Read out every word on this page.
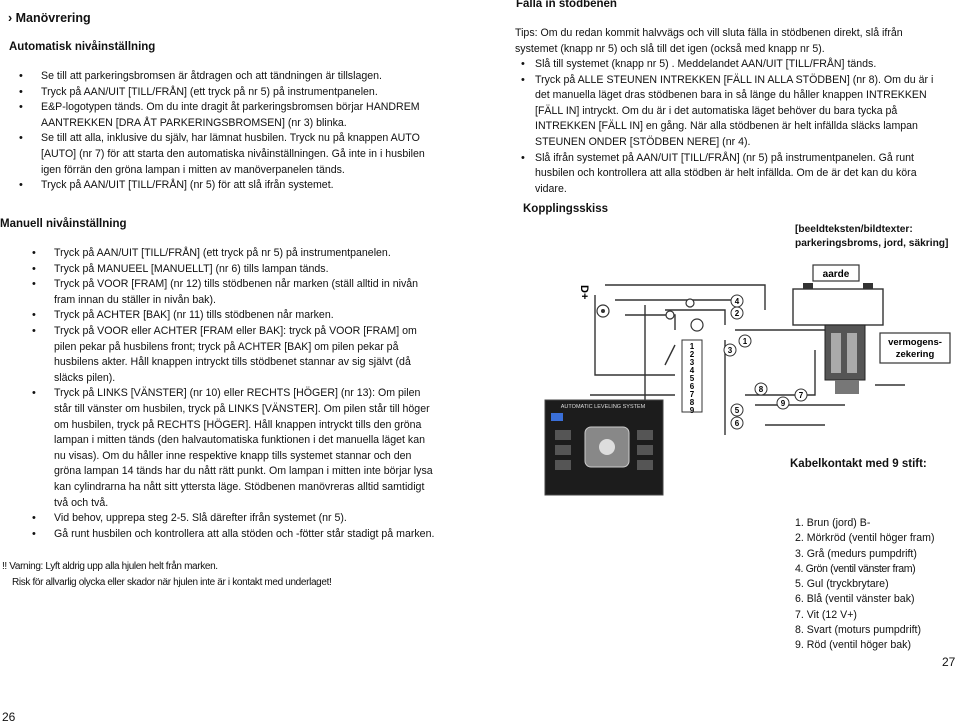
› Manövrering
Automatisk nivåinställning
• Se till att parkeringsbromsen är åtdragen och att tändningen är tillslagen.
• Tryck på AAN/UIT [TILL/FRÅN] (ett tryck på nr 5) på instrumentpanelen.
• E&P-logotypen tänds. Om du inte dragit åt parkeringsbromsen börjar HANDREM AANTREKKEN [DRA ÅT PARKERINGSBROMSEN] (nr 3) blinka.
• Se till att alla, inklusive du själv, har lämnat husbilen. Tryck nu på knappen AUTO [AUTO] (nr 7) för att starta den automatiska nivåinställningen. Gå inte in i husbilen igen förrän den gröna lampan i mitten av manöverpanelen tänds.
• Tryck på AAN/UIT [TILL/FRÅN] (nr 5) för att slå ifrån systemet.
Manuell nivåinställning
• Tryck på AAN/UIT [TILL/FRÅN] (ett tryck på nr 5) på instrumentpanelen.
• Tryck på MANUEEL [MANUELLT] (nr 6) tills lampan tänds.
• Tryck på VOOR [FRAM] (nr 12) tills stödbenen når marken (ställ alltid in nivån fram innan du ställer in nivån bak).
• Tryck på ACHTER [BAK] (nr 11) tills stödbenen når marken.
• Tryck på VOOR eller ACHTER [FRAM eller BAK]: tryck på VOOR [FRAM] om pilen pekar på husbilens front; tryck på ACHTER [BAK] om pilen pekar på husbilens akter. Håll knappen intryckt tills stödbenet stannar av sig självt (då släcks pilen).
• Tryck på LINKS [VÄNSTER] (nr 10) eller RECHTS [HÖGER] (nr 13): Om pilen står till vänster om husbilen, tryck på LINKS [VÄNSTER]. Om pilen står till höger om husbilen, tryck på RECHTS [HÖGER]. Håll knappen intryckt tills den gröna lampan i mitten tänds (den halvautomatiska funktionen i det manuella läget kan nu visas). Om du håller inne respektive knapp tills systemet stannar och den gröna lampan 14 tänds har du nått rätt punkt. Om lampan i mitten inte börjar lysa kan cylindrarna ha nått sitt yttersta läge. Stödbenen manövreras alltid samtidigt två och två.
• Vid behov, upprepa steg 2-5. Slå därefter ifrån systemet (nr 5).
• Gå runt husbilen och kontrollera att alla stöden och -fötter står stadigt på marken.
!! Varning: Lyft aldrig upp alla hjulen helt från marken.
Risk för allvarlig olycka eller skador när hjulen inte är i kontakt med underlaget!
26
Fälla in stödbenen
Tips: Om du redan kommit halvvägs och vill sluta fälla in stödbenen direkt, slå ifrån systemet (knapp nr 5) och slå till det igen (också med knapp nr 5).
• Slå till systemet (knapp nr 5) . Meddelandet AAN/UIT [TILL/FRÅN] tänds.
• Tryck på ALLE STEUNEN INTREKKEN [FÄLL IN ALLA STÖDBEN] (nr 8). Om du är i det manuella läget dras stödbenen bara in så länge du håller knappen INTREKKEN [FÄLL IN] intryckt. Om du är i det automatiska läget behöver du bara tycka på INTREKKEN [FÄLL IN] en gång. När alla stödbenen är helt infällda släcks lampan STEUNEN ONDER [STÖDBEN NERE] (nr 4).
• Slå ifrån systemet på AAN/UIT [TILL/FRÅN] (nr 5) på instrumentpanelen. Gå runt husbilen och kontrollera att alla stödben är helt infällda. Om de är det kan du köra vidare.
Kopplingsskiss
[beeldteksten/bildtexter: parkeringsbroms, jord, säkring]
D+
aarde
vermogens-
zekering
1
2
3
4
5
6
7
8
9
4
2
1
3
8
7
9
5
6
AUTOMATIC LEVELING SYSTEM
Kabelkontakt med 9 stift:
1. Brun (jord) B-
2. Mörkröd (ventil höger fram)
3. Grå (medurs pumpdrift)
4. Grön (ventil vänster fram)
5. Gul (tryckbrytare)
6. Blå (ventil vänster bak)
7. Vit (12 V+)
8. Svart (moturs pumpdrift)
9. Röd (ventil höger bak)
27
